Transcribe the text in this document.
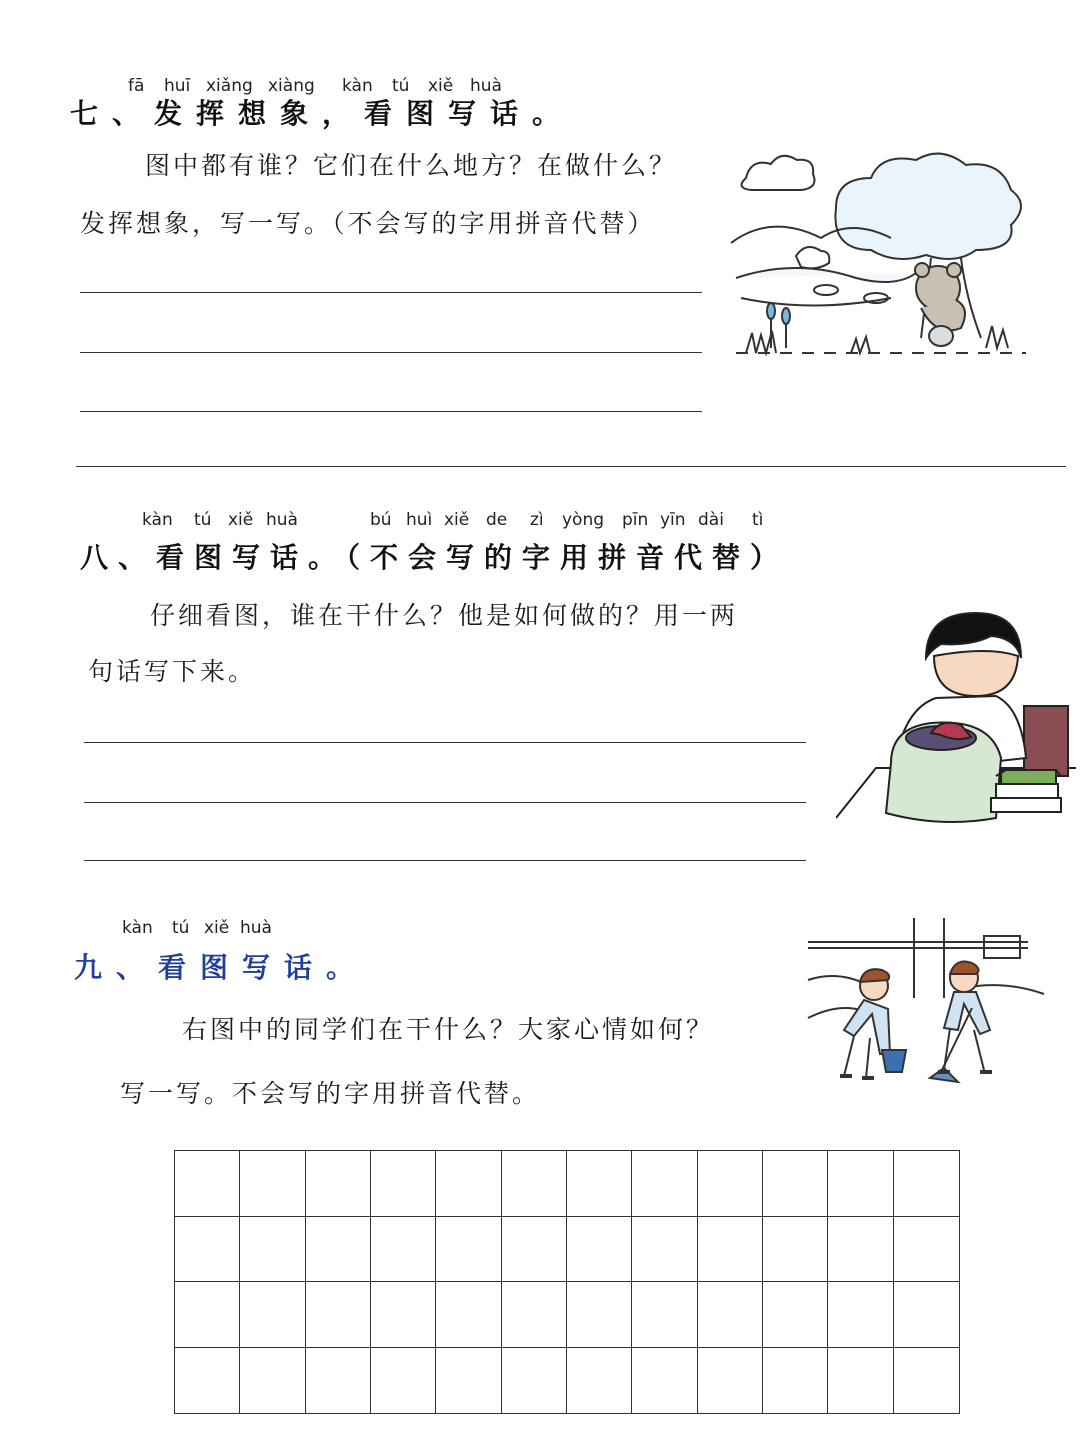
fā huī xiǎng xiàng kàn tú xiě huà
七、发挥想象，看图写话。
图中都有谁？它们在什么地方？在做什么？
发挥想象，写一写。（不会写的字用拼音代替）
kàn tú xiě huà	bú huì xiě de zì yòng pīn yīn dài tì
八、看图写话。（不会写的字用拼音代替）
仔细看图，谁在干什么？他是如何做的？用一两
句话写下来。
kàn tú xiě huà
九、看图写话。
右图中的同学们在干什么？大家心情如何？
写一写。不会写的字用拼音代替。
